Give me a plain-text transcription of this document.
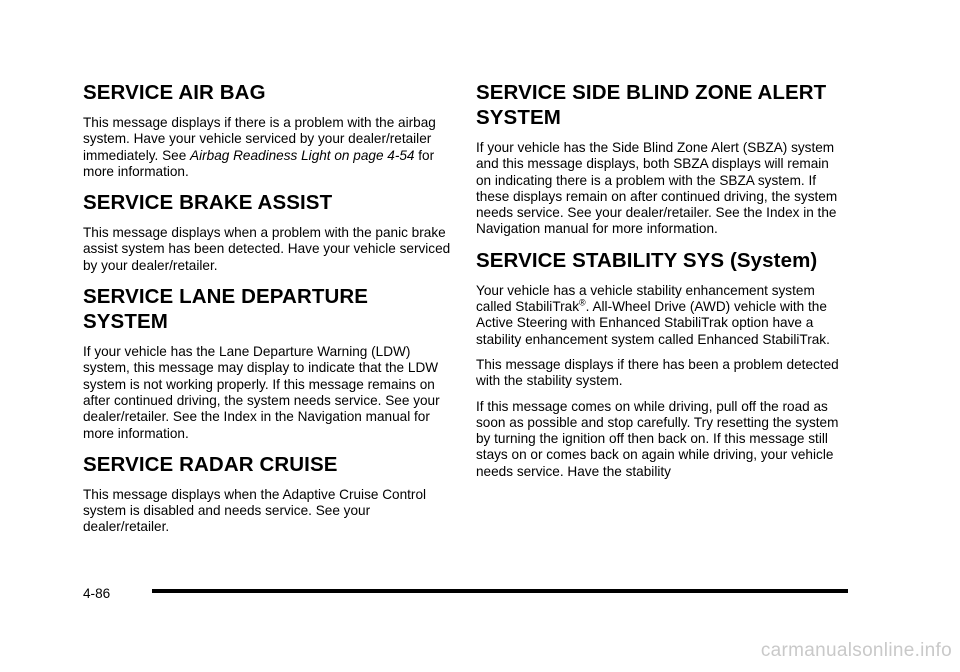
SERVICE AIR BAG

This message displays if there is a problem with the airbag system. Have your vehicle serviced by your dealer/retailer immediately. See Airbag Readiness Light on page 4‑54 for more information.

SERVICE BRAKE ASSIST

This message displays when a problem with the panic brake assist system has been detected. Have your vehicle serviced by your dealer/retailer.

SERVICE LANE DEPARTURE SYSTEM

If your vehicle has the Lane Departure Warning (LDW) system, this message may display to indicate that the LDW system is not working properly. If this message remains on after continued driving, the system needs service. See your dealer/retailer. See the Index in the Navigation manual for more information.

SERVICE RADAR CRUISE

This message displays when the Adaptive Cruise Control system is disabled and needs service. See your dealer/retailer.

SERVICE SIDE BLIND ZONE ALERT SYSTEM

If your vehicle has the Side Blind Zone Alert (SBZA) system and this message displays, both SBZA displays will remain on indicating there is a problem with the SBZA system. If these displays remain on after continued driving, the system needs service. See your dealer/retailer. See the Index in the Navigation manual for more information.

SERVICE STABILITY SYS (System)

Your vehicle has a vehicle stability enhancement system called StabiliTrak®. All-Wheel Drive (AWD) vehicle with the Active Steering with Enhanced StabiliTrak option have a stability enhancement system called Enhanced StabiliTrak.

This message displays if there has been a problem detected with the stability system.

If this message comes on while driving, pull off the road as soon as possible and stop carefully. Try resetting the system by turning the ignition off then back on. If this message still stays on or comes back on again while driving, your vehicle needs service. Have the stability

4-86
carmanualsonline.info
